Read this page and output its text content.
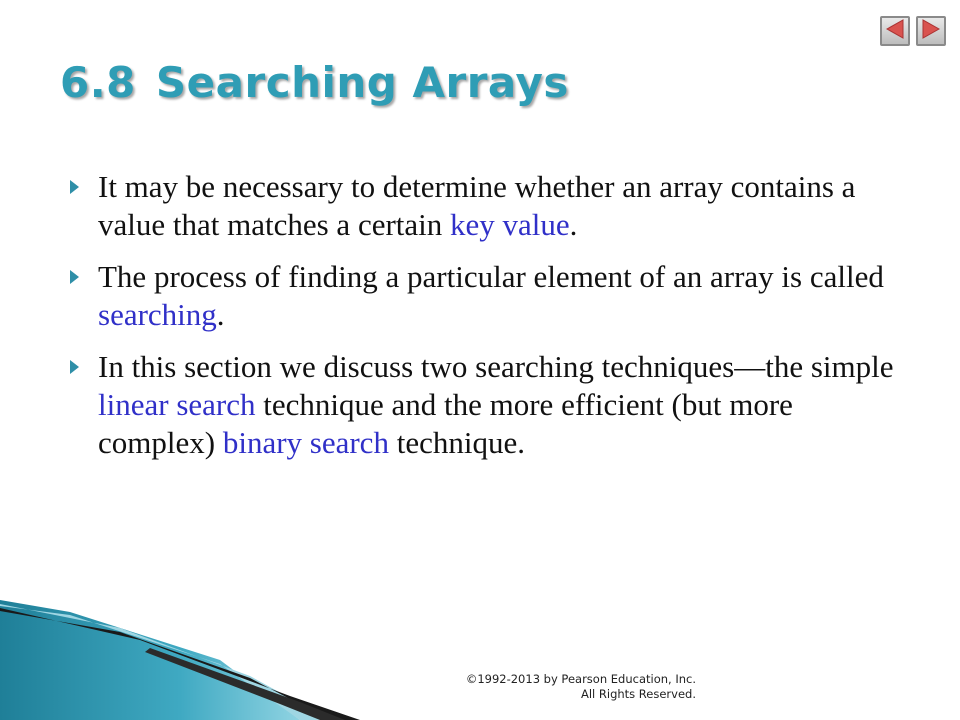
6.8 Searching Arrays
It may be necessary to determine whether an array contains a value that matches a certain key value.
The process of finding a particular element of an array is called searching.
In this section we discuss two searching techniques—the simple linear search technique and the more efficient (but more complex) binary search technique.
©1992-2013 by Pearson Education, Inc.
All Rights Reserved.
